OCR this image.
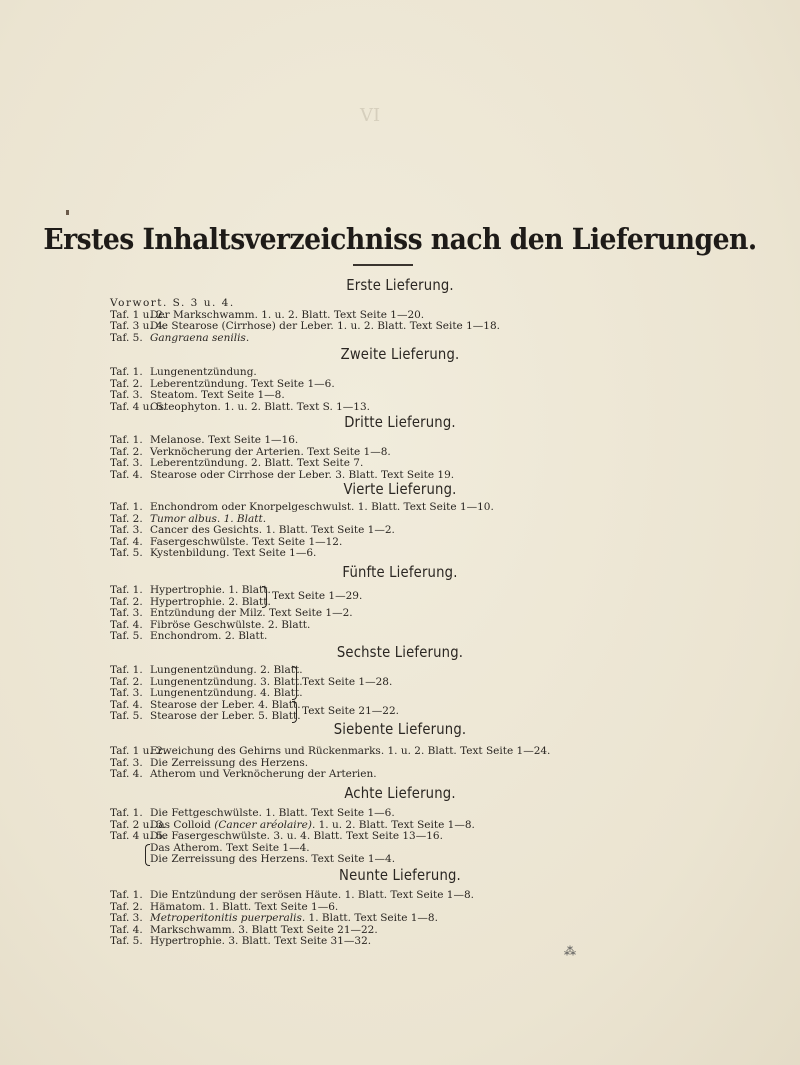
VI
Erstes Inhaltsverzeichniss nach den Lieferungen.
Erste Lieferung.
Vorwort. S. 3 u. 4.
Taf. 1 u. 2.Der Markschwamm. 1. u. 2. Blatt. Text Seite 1—20.
Taf. 3 u. 4.Die Stearose (Cirrhose) der Leber. 1. u. 2. Blatt. Text Seite 1—18.
Taf. 5. Gangraena senilis.
Zweite Lieferung.
Taf. 1. Lungenentzündung.
Taf. 2. Leberentzündung. Text Seite 1—6.
Taf. 3. Steatom. Text Seite 1—8.
Taf. 4 u. 5.Osteophyton. 1. u. 2. Blatt. Text S. 1—13.
Dritte Lieferung.
Taf. 1. Melanose. Text Seite 1—16.
Taf. 2. Verknöcherung der Arterien. Text Seite 1—8.
Taf. 3. Leberentzündung. 2. Blatt. Text Seite 7.
Taf. 4. Stearose oder Cirrhose der Leber. 3. Blatt. Text Seite 19.
Vierte Lieferung.
Taf. 1. Enchondrom oder Knorpelgeschwulst. 1. Blatt. Text Seite 1—10.
Taf. 2. Tumor albus. 1. Blatt.
Taf. 3. Cancer des Gesichts. 1. Blatt. Text Seite 1—2.
Taf. 4. Fasergeschwülste. Text Seite 1—12.
Taf. 5. Kystenbildung. Text Seite 1—6.
Fünfte Lieferung.
Taf. 1. Hypertrophie. 1. Blatt.
Taf. 2. Hypertrophie. 2. Blatt. Text Seite 1—29.
Taf. 3. Entzündung der Milz. Text Seite 1—2.
Taf. 4. Fibröse Geschwülste. 2. Blatt.
Taf. 5. Enchondrom. 2. Blatt.
Sechste Lieferung.
Taf. 1. Lungenentzündung. 2. Blatt.
Taf. 2. Lungenentzündung. 3. Blatt.
Taf. 3. Lungenentzündung. 4. Blatt.
Text Seite 1—28.
Taf. 4. Stearose der Leber. 4. Blatt.
Taf. 5. Stearose der Leber. 5. Blatt. Text Seite 21—22.
Siebente Lieferung.
Taf. 1 u. 2.Erweichung des Gehirns und Rückenmarks. 1. u. 2. Blatt. Text Seite 1—24.
Taf. 3. Die Zerreissung des Herzens.
Taf. 4. Atherom und Verknöcherung der Arterien.
Achte Lieferung.
Taf. 1. Die Fettgeschwülste. 1. Blatt. Text Seite 1—6.
Taf. 2 u. 3.Das Colloid (Cancer aréolaire). 1. u. 2. Blatt. Text Seite 1—8.
Taf. 4 u. 5.Die Fasergeschwülste. 3. u. 4. Blatt. Text Seite 13—16.
Das Atherom. Text Seite 1—4.
Die Zerreissung des Herzens. Text Seite 1—4.
Neunte Lieferung.
Taf. 1. Die Entzündung der serösen Häute. 1. Blatt. Text Seite 1—8.
Taf. 2. Hämatom. 1. Blatt. Text Seite 1—6.
Taf. 3. Metroperitonitis puerperalis. 1. Blatt. Text Seite 1—8.
Taf. 4. Markschwamm. 3. Blatt Text Seite 21—22.
Taf. 5. Hypertrophie. 3. Blatt. Text Seite 31—32.
⁂
